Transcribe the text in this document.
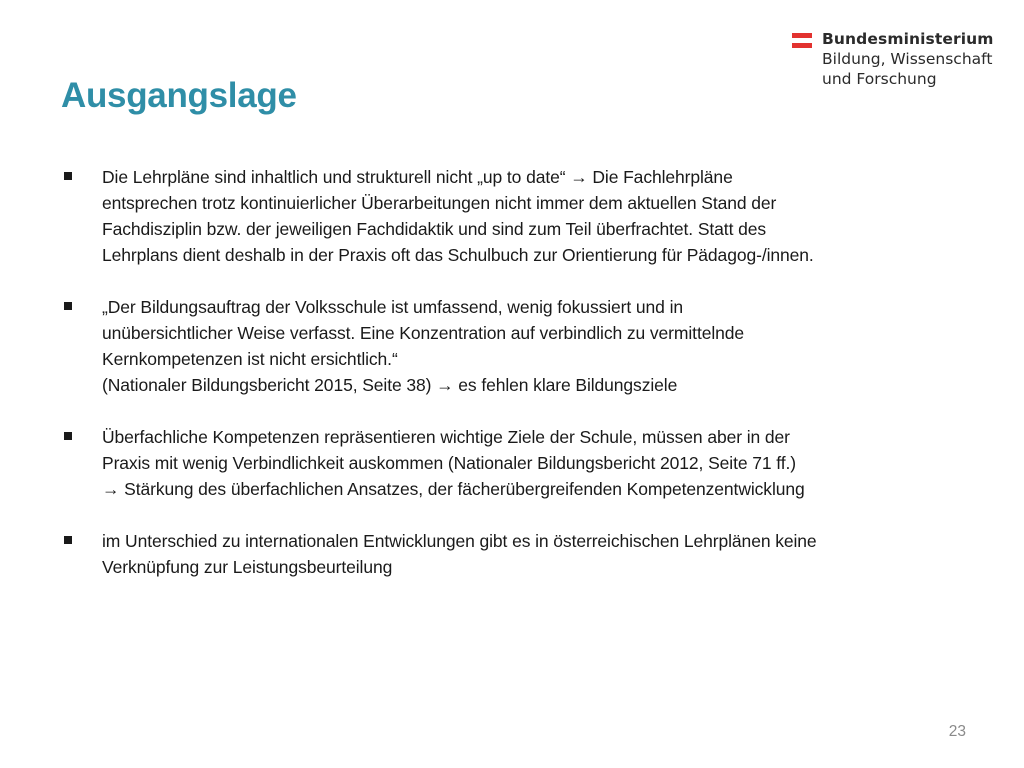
Bundesministerium
Bildung, Wissenschaft
und Forschung
Ausgangslage
Die Lehrpläne sind inhaltlich und strukturell nicht „up to date“ → Die Fachlehrpläne
entsprechen trotz kontinuierlicher Überarbeitungen nicht immer dem aktuellen Stand der
Fachdisziplin bzw. der jeweiligen Fachdidaktik und sind zum Teil überfrachtet. Statt des
Lehrplans dient deshalb in der Praxis oft das Schulbuch zur Orientierung für Pädagog-/innen.
„Der Bildungsauftrag der Volksschule ist umfassend, wenig fokussiert und in
unübersichtlicher Weise verfasst. Eine Konzentration auf verbindlich zu vermittelnde
Kernkompetenzen ist nicht ersichtlich.“
(Nationaler Bildungsbericht 2015, Seite 38) → es fehlen klare Bildungsziele
Überfachliche Kompetenzen repräsentieren wichtige Ziele der Schule, müssen aber in der
Praxis mit wenig Verbindlichkeit auskommen (Nationaler Bildungsbericht 2012, Seite 71 ff.)
→ Stärkung des überfachlichen Ansatzes, der fächerübergreifenden Kompetenzentwicklung
im Unterschied zu internationalen Entwicklungen gibt es in österreichischen Lehrplänen keine
Verknüpfung zur Leistungsbeurteilung
23
